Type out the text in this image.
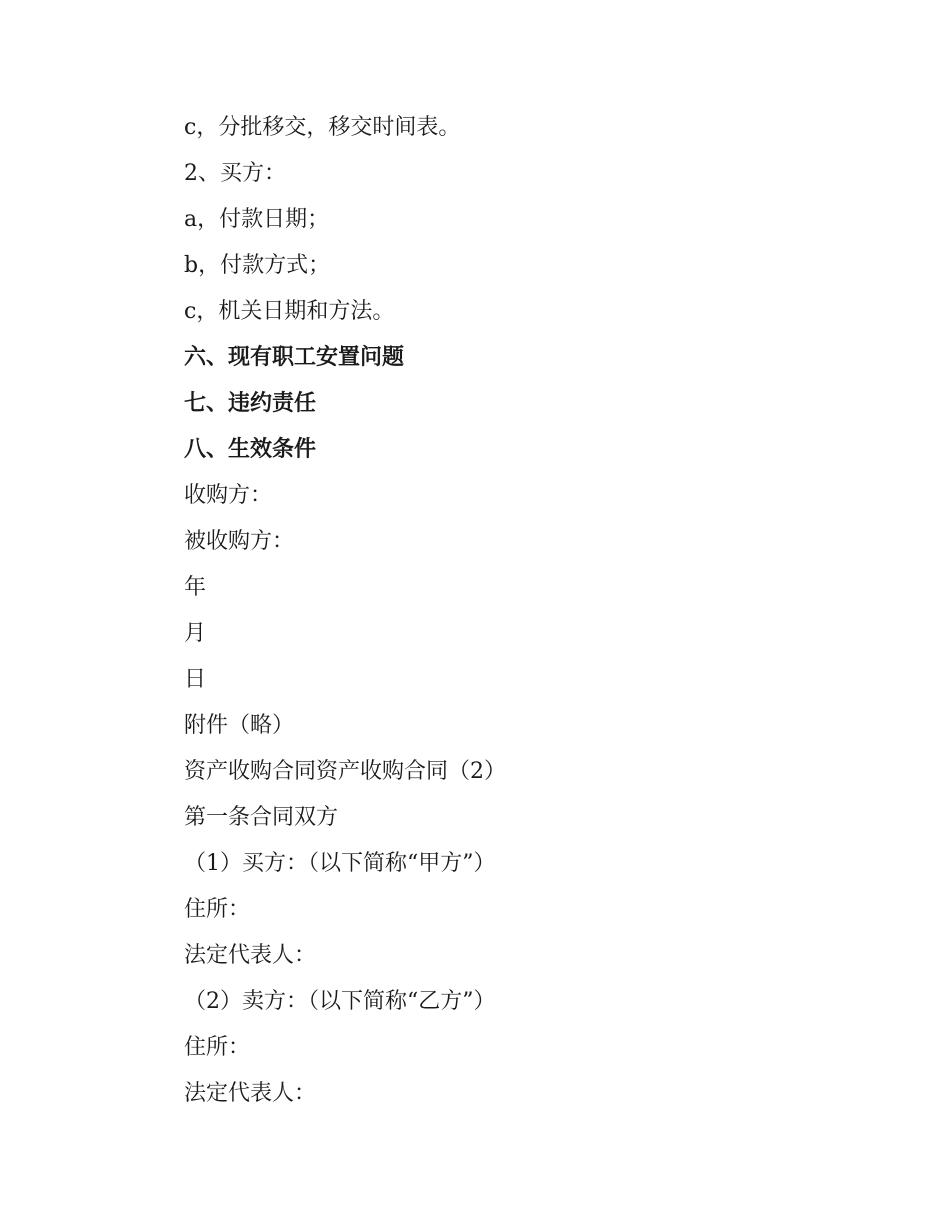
c，分批移交，移交时间表。
2、买方：
a，付款日期；
b，付款方式；
c，机关日期和方法。
六、现有职工安置问题
七、违约责任
八、生效条件
收购方：
被收购方：
年
月
日
附件（略）
资产收购合同资产收购合同（2）
第一条合同双方
（1）买方：（以下简称“甲方”）
住所：
法定代表人：
（2）卖方：（以下简称“乙方”）
住所：
法定代表人：
